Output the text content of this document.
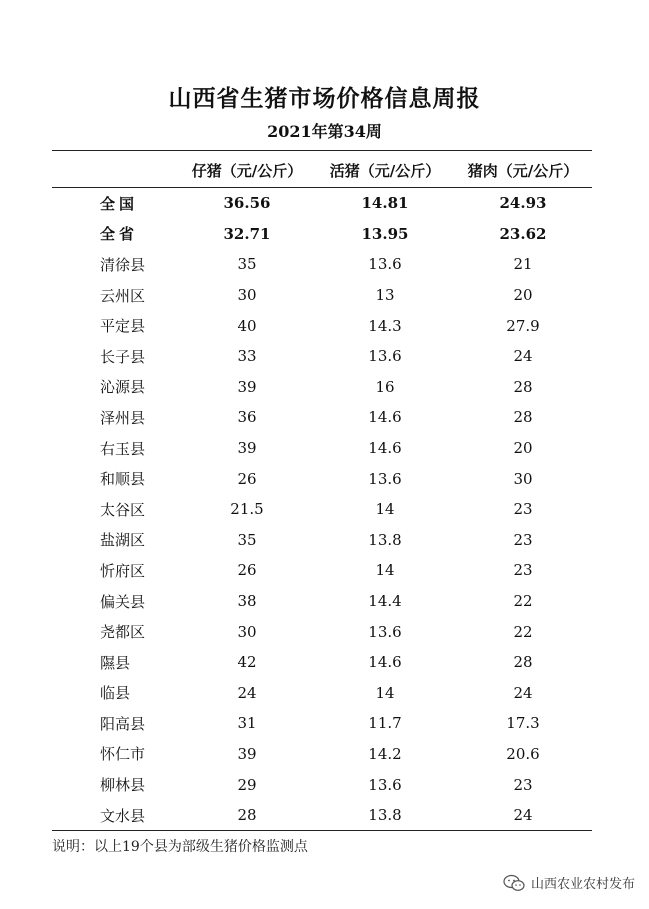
山西省生猪市场价格信息周报
2021年第34周
	仔猪（元/公斤）	活猪（元/公斤）	猪肉（元/公斤）
全国	36.56	14.81	24.93
全省	32.71	13.95	23.62
清徐县	35	13.6	21
云州区	30	13	20
平定县	40	14.3	27.9
长子县	33	13.6	24
沁源县	39	16	28
泽州县	36	14.6	28
右玉县	39	14.6	20
和顺县	26	13.6	30
太谷区	21.5	14	23
盐湖区	35	13.8	23
忻府区	26	14	23
偏关县	38	14.4	22
尧都区	30	13.6	22
隰县	42	14.6	28
临县	24	14	24
阳高县	31	11.7	17.3
怀仁市	39	14.2	20.6
柳林县	29	13.6	23
文水县	28	13.8	24
说明：以上19个县为部级生猪价格监测点
山西农业农村发布
